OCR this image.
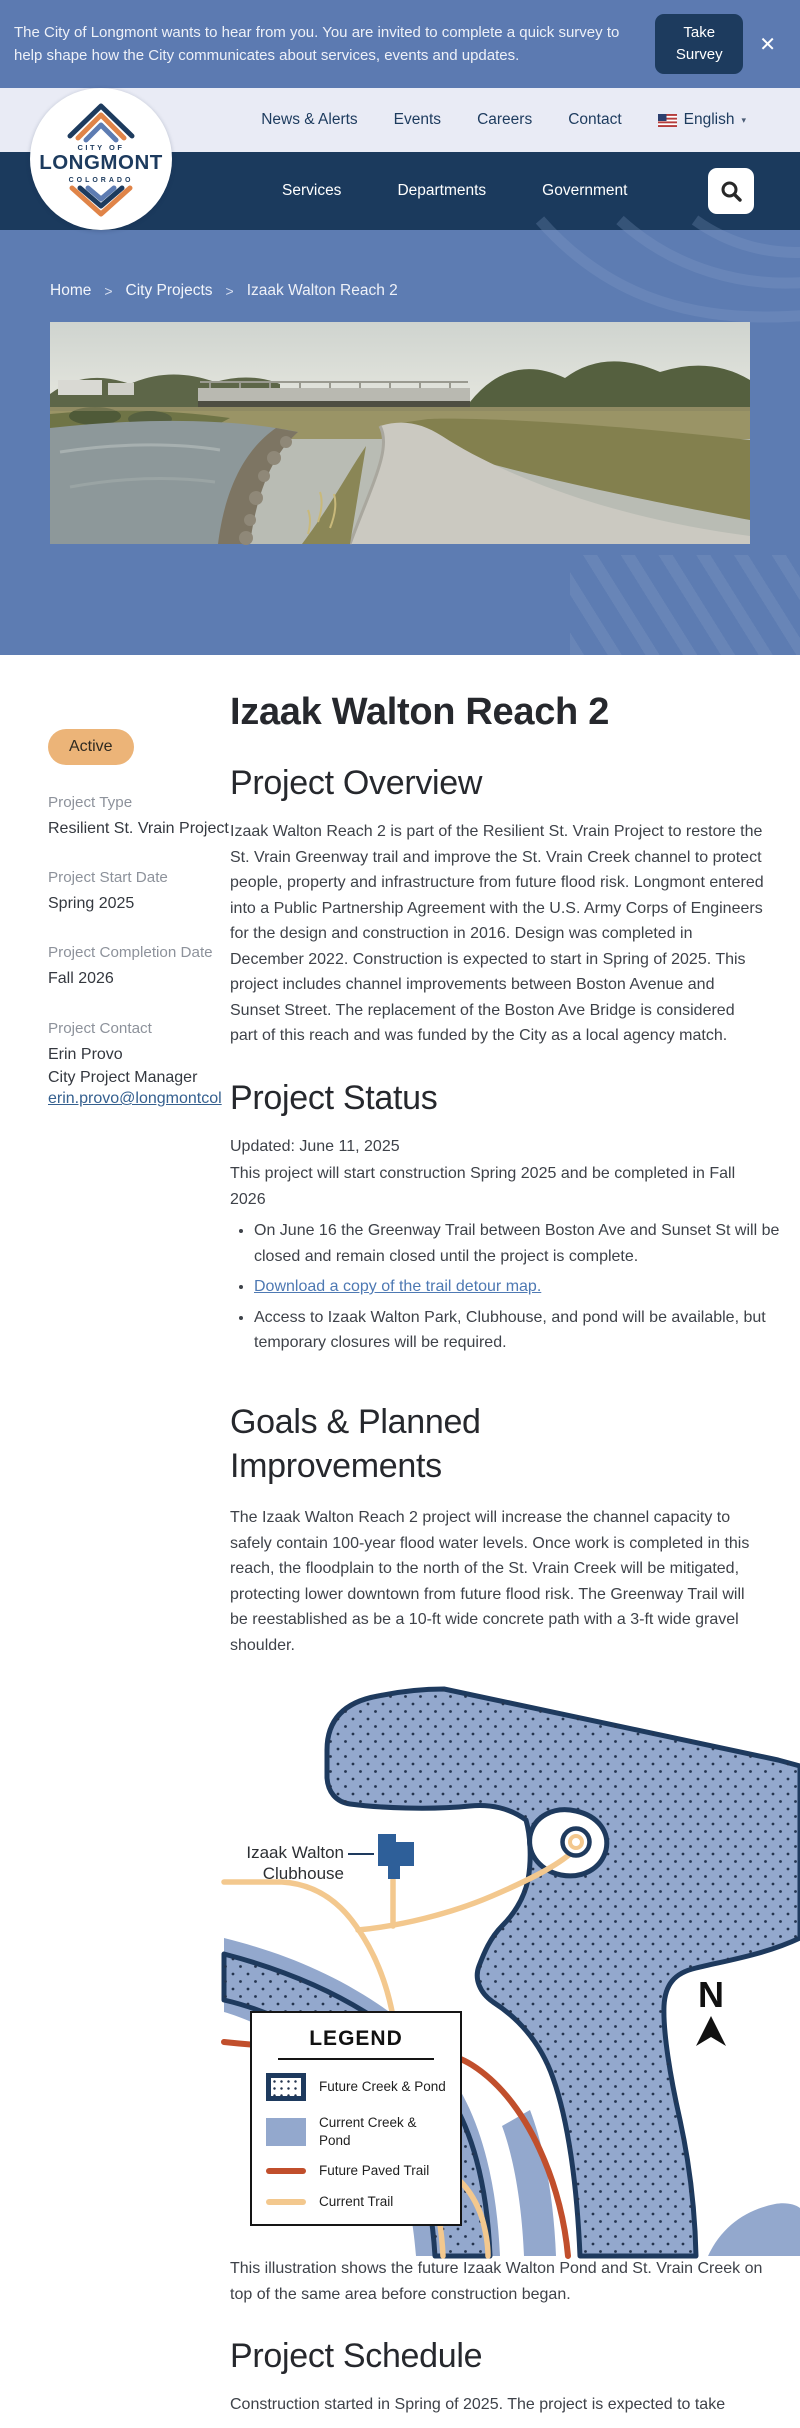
The City of Longmont wants to hear from you. You are invited to complete a quick survey to help shape how the City communicates about services, events and updates.
Take Survey	✕
News & Alerts Events Careers Contact	English ▾
Services	Departments	Government
CITY OF
LONGMONT
COLORADO
Home > City Projects > Izaak Walton Reach 2
Active
Project Type
Resilient St. Vrain Project
Project Start Date
Spring 2025
Project Completion Date
Fall 2026
Project Contact
Erin Provo
City Project Manager
erin.provo@longmontcol
Izaak Walton Reach 2
Project Overview

Izaak Walton Reach 2 is part of the Resilient St. Vrain Project to restore the St. Vrain Greenway trail and improve the St. Vrain Creek channel to protect people, property and infrastructure from future flood risk. Longmont entered into a Public Partnership Agreement with the U.S. Army Corps of Engineers for the design and construction in 2016. Design was completed in December 2022. Construction is expected to start in Spring of 2025. This project includes channel improvements between Boston Avenue and Sunset Street. The replacement of the Boston Ave Bridge is considered part of this reach and was funded by the City as a local agency match.

Project Status

Updated: June 11, 2025

This project will start construction Spring 2025 and be completed in Fall 2026

• On June 16 the Greenway Trail between Boston Ave and Sunset St will be closed and remain closed until the project is complete.
• Download a copy of the trail detour map.
• Access to Izaak Walton Park, Clubhouse, and pond will be available, but temporary closures will be required.
Goals & Planned Improvements

The Izaak Walton Reach 2 project will increase the channel capacity to safely contain 100-year flood water levels. Once work is completed in this reach, the floodplain to the north of the St. Vrain Creek will be mitigated, protecting lower downtown from future flood risk. The Greenway Trail will be reestablished as be a 10-ft wide concrete path with a 3-ft wide gravel shoulder.

Izaak Walton
Clubhouse
N
LEGEND
Future Creek & Pond
Current Creek & Pond
Future Paved Trail
Current Trail

This illustration shows the future Izaak Walton Pond and St. Vrain Creek on top of the same area before construction began.

Project Schedule

Construction started in Spring of 2025. The project is expected to take
